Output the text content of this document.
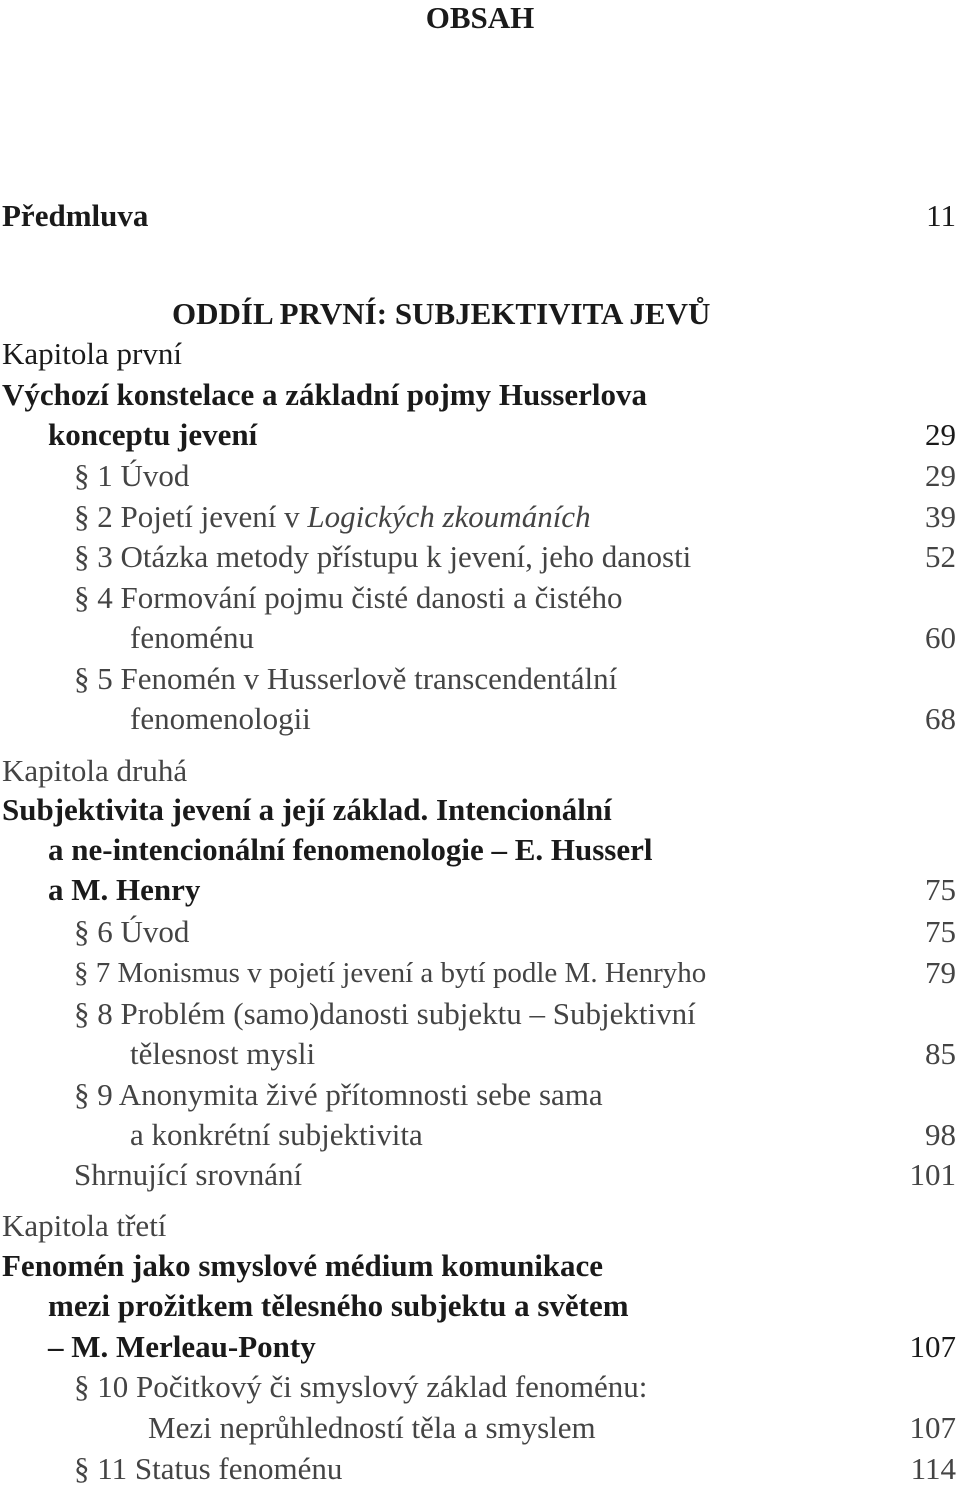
OBSAH
Předmluva	11
ODDÍL PRVNÍ: SUBJEKTIVITA JEVŮ
Kapitola první
Výchozí konstelace a základní pojmy Husserlova
konceptu jevení	29
§ 1 Úvod	29
§ 2 Pojetí jevení v Logických zkoumáních	39
§ 3 Otázka metody přístupu k jevení, jeho danosti	52
§ 4 Formování pojmu čisté danosti a čistého
fenoménu	60
§ 5 Fenomén v Husserlově transcendentální
fenomenologii	68
Kapitola druhá
Subjektivita jevení a její základ. Intencionální
a ne-intencionální fenomenologie – E. Husserl
a M. Henry	75
§ 6 Úvod	75
§ 7 Monismus v pojetí jevení a bytí podle M. Henryho	79
§ 8 Problém (samo)danosti subjektu – Subjektivní
tělesnost mysli	85
§ 9 Anonymita živé přítomnosti sebe sama
a konkrétní subjektivita	98
Shrnující srovnání	101
Kapitola třetí
Fenomén jako smyslové médium komunikace
mezi prožitkem tělesného subjektu a světem
– M. Merleau-Ponty	107
§ 10 Počitkový či smyslový základ fenoménu:
Mezi neprůhledností těla a smyslem	107
§ 11 Status fenoménu	114
